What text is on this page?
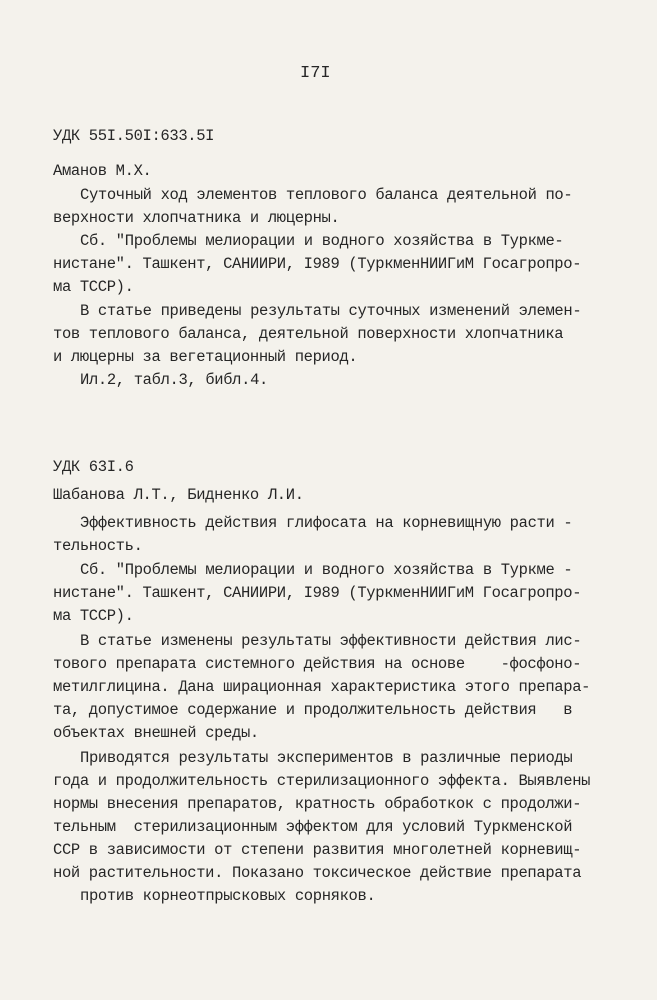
I7I
УДК 55I.50I:633.5I
Аманов М.Х.
Суточный ход элементов теплового баланса деятельной по-
верхности хлопчатника и люцерны.
Сб. "Проблемы мелиорации и водного хозяйства в Туркме-
нистане". Ташкент, САНИИРИ, I989 (ТуркменНИИГиМ Госагропро-
ма ТССР).
В статье приведены результаты суточных изменений элемен-
тов теплового баланса, деятельной поверхности хлопчатника
и люцерны за вегетационный период.
Ил.2, табл.3, библ.4.
УДК 63I.6
Шабанова Л.Т., Бидненко Л.И.
Эффективность действия глифосата на корневищную расти -
тельность.
Сб. "Проблемы мелиорации и водного хозяйства в Туркме -
нистане". Ташкент, САНИИРИ, I989 (ТуркменНИИГиМ Госагропро-
ма ТССР).
В статье изменены результаты эффективности действия лис-
тового препарата системного действия на основе    -фосфоно-
метилглицина. Дана ширационная характеристика этого препара-
та, допустимое содержание и продолжительность действия   в
объектах внешней среды.
Приводятся результаты экспериментов в различные периоды
года и продолжительность стерилизационного эффекта. Выявлены
нормы внесения препаратов, кратность обработкок с продолжи-
тельным  стерилизационным эффектом для условий Туркменской
ССР в зависимости от степени развития многолетней корневищ-
ной растительности. Показано токсическое действие препарата
против корнеотпрысковых сорняков.
